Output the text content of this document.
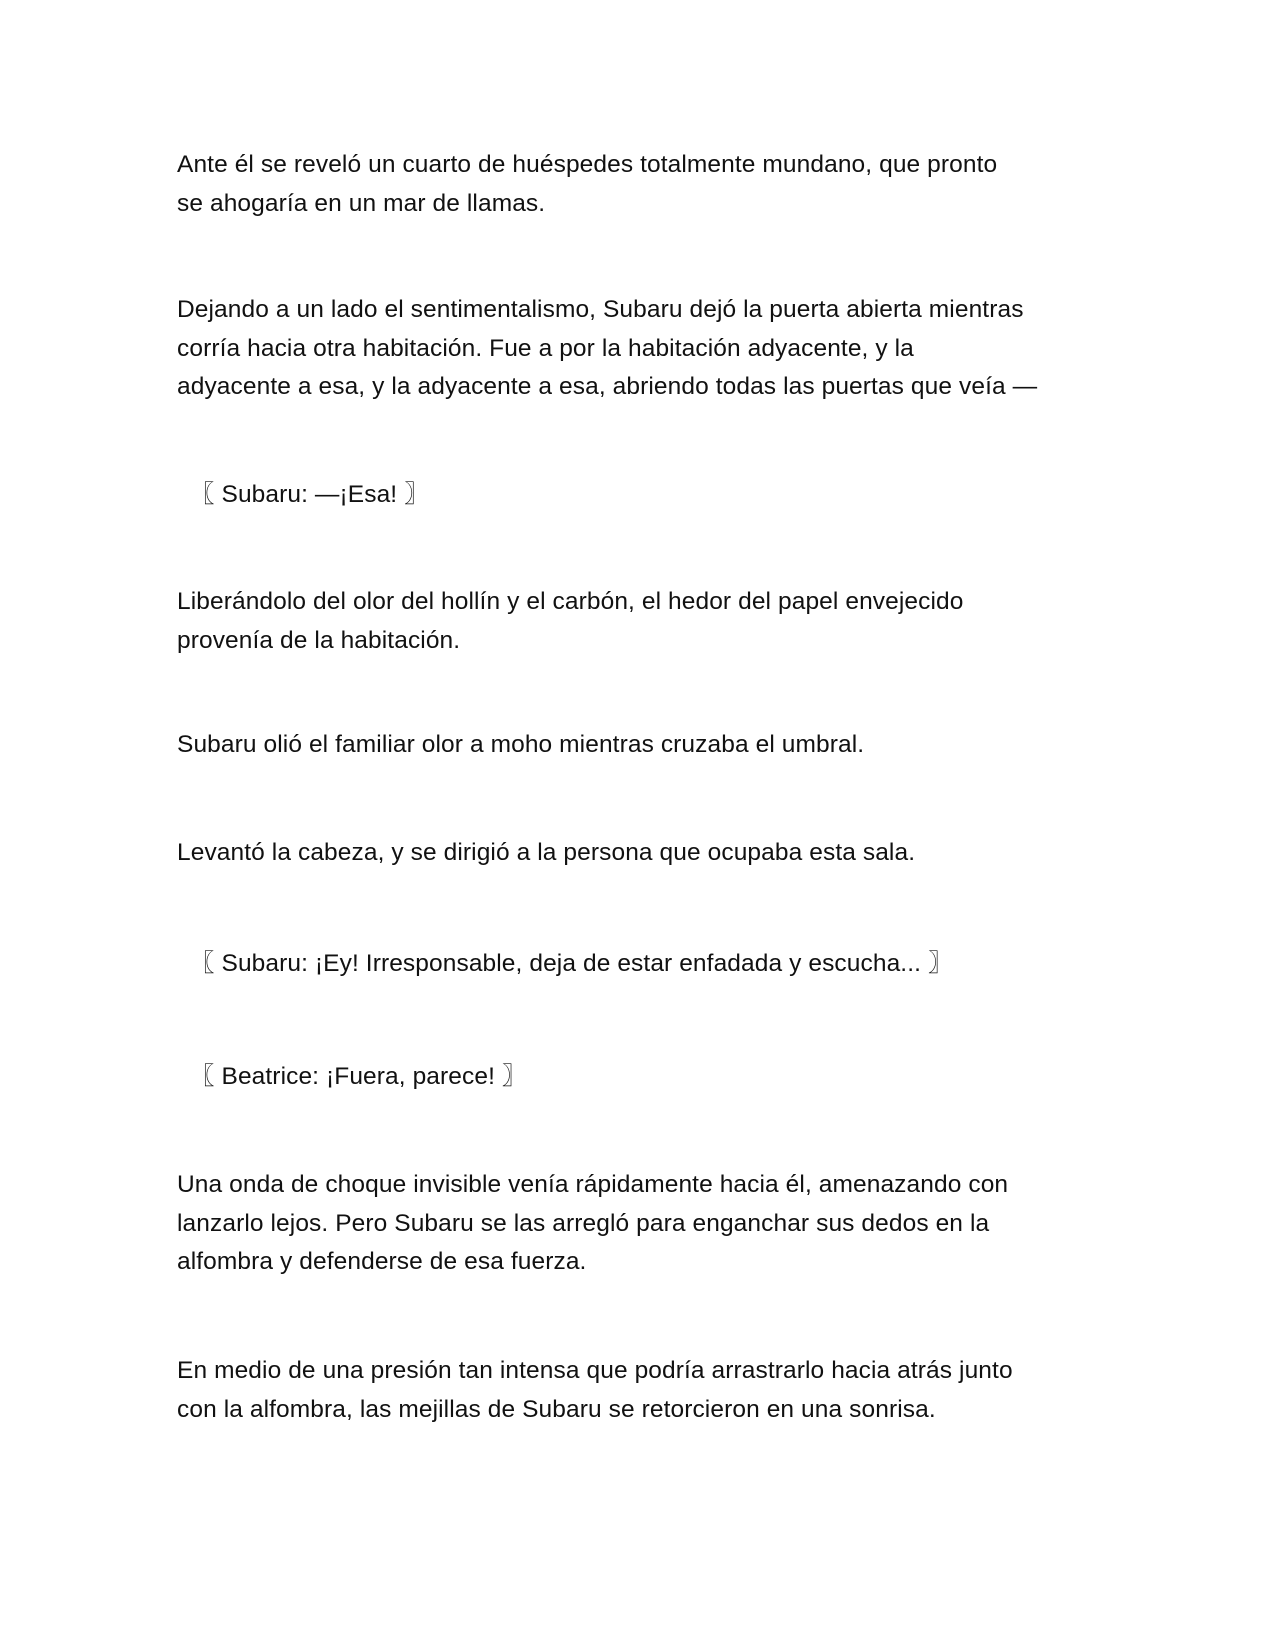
Ante él se reveló un cuarto de huéspedes totalmente mundano, que pronto
se ahogaría en un mar de llamas.

Dejando a un lado el sentimentalismo, Subaru dejó la puerta abierta mientras
corría hacia otra habitación. Fue a por la habitación adyacente, y la
adyacente a esa, y la adyacente a esa, abriendo todas las puertas que veía —

〖 Subaru: —¡Esa! 〗

Liberándolo del olor del hollín y el carbón, el hedor del papel envejecido
provenía de la habitación.

Subaru olió el familiar olor a moho mientras cruzaba el umbral.

Levantó la cabeza, y se dirigió a la persona que ocupaba esta sala.

〖 Subaru: ¡Ey! Irresponsable, deja de estar enfadada y escucha... 〗

〖 Beatrice: ¡Fuera, parece! 〗

Una onda de choque invisible venía rápidamente hacia él, amenazando con
lanzarlo lejos. Pero Subaru se las arregló para enganchar sus dedos en la
alfombra y defenderse de esa fuerza.

En medio de una presión tan intensa que podría arrastrarlo hacia atrás junto
con la alfombra, las mejillas de Subaru se retorcieron en una sonrisa.
